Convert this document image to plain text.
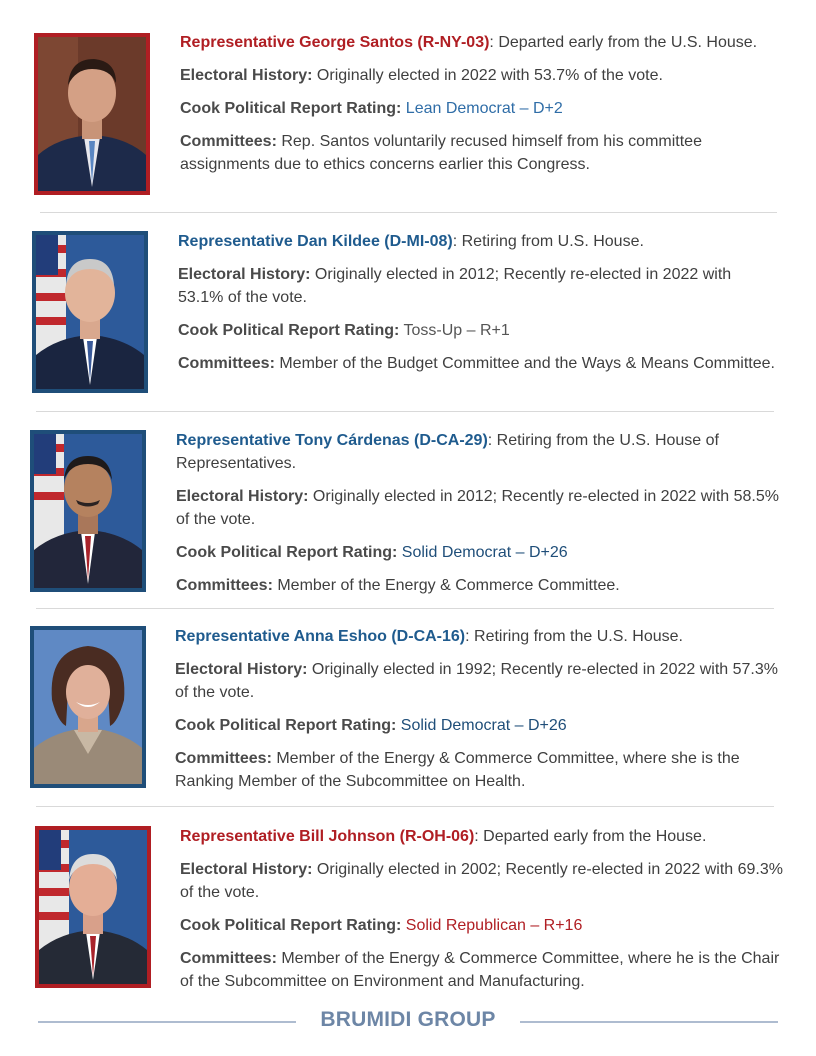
Representative George Santos (R-NY-03): Departed early from the U.S. House.

Electoral History: Originally elected in 2022 with 53.7% of the vote.

Cook Political Report Rating: Lean Democrat – D+2

Committees: Rep. Santos voluntarily recused himself from his committee assignments due to ethics concerns earlier this Congress.

Representative Dan Kildee (D-MI-08): Retiring from U.S. House.

Electoral History: Originally elected in 2012; Recently re-elected in 2022 with 53.1% of the vote.

Cook Political Report Rating: Toss-Up – R+1

Committees: Member of the Budget Committee and the Ways & Means Committee.

Representative Tony Cárdenas (D-CA-29): Retiring from the U.S. House of Representatives.

Electoral History: Originally elected in 2012; Recently re-elected in 2022 with 58.5% of the vote.

Cook Political Report Rating: Solid Democrat – D+26

Committees: Member of the Energy & Commerce Committee.

Representative Anna Eshoo (D-CA-16): Retiring from the U.S. House.

Electoral History: Originally elected in 1992; Recently re-elected in 2022 with 57.3% of the vote.

Cook Political Report Rating: Solid Democrat – D+26

Committees: Member of the Energy & Commerce Committee, where she is the Ranking Member of the Subcommittee on Health.

Representative Bill Johnson (R-OH-06): Departed early from the House.

Electoral History: Originally elected in 2002; Recently re-elected in 2022 with 69.3% of the vote.

Cook Political Report Rating: Solid Republican – R+16

Committees: Member of the Energy & Commerce Committee, where he is the Chair of the Subcommittee on Environment and Manufacturing.

BRUMIDI GROUP
